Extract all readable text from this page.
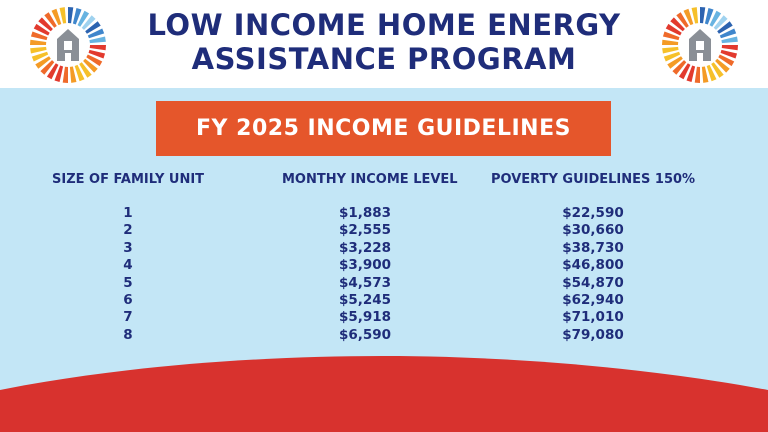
LOW INCOME HOME ENERGY
ASSISTANCE PROGRAM
FY 2025 INCOME GUIDELINES
SIZE OF FAMILY UNIT	MONTHY INCOME LEVEL	POVERTY GUIDELINES 150%
1
2
3
4
5
6
7
8
$1,883
$2,555
$3,228
$3,900
$4,573
$5,245
$5,918
$6,590
$22,590
$30,660
$38,730
$46,800
$54,870
$62,940
$71,010
$79,080
